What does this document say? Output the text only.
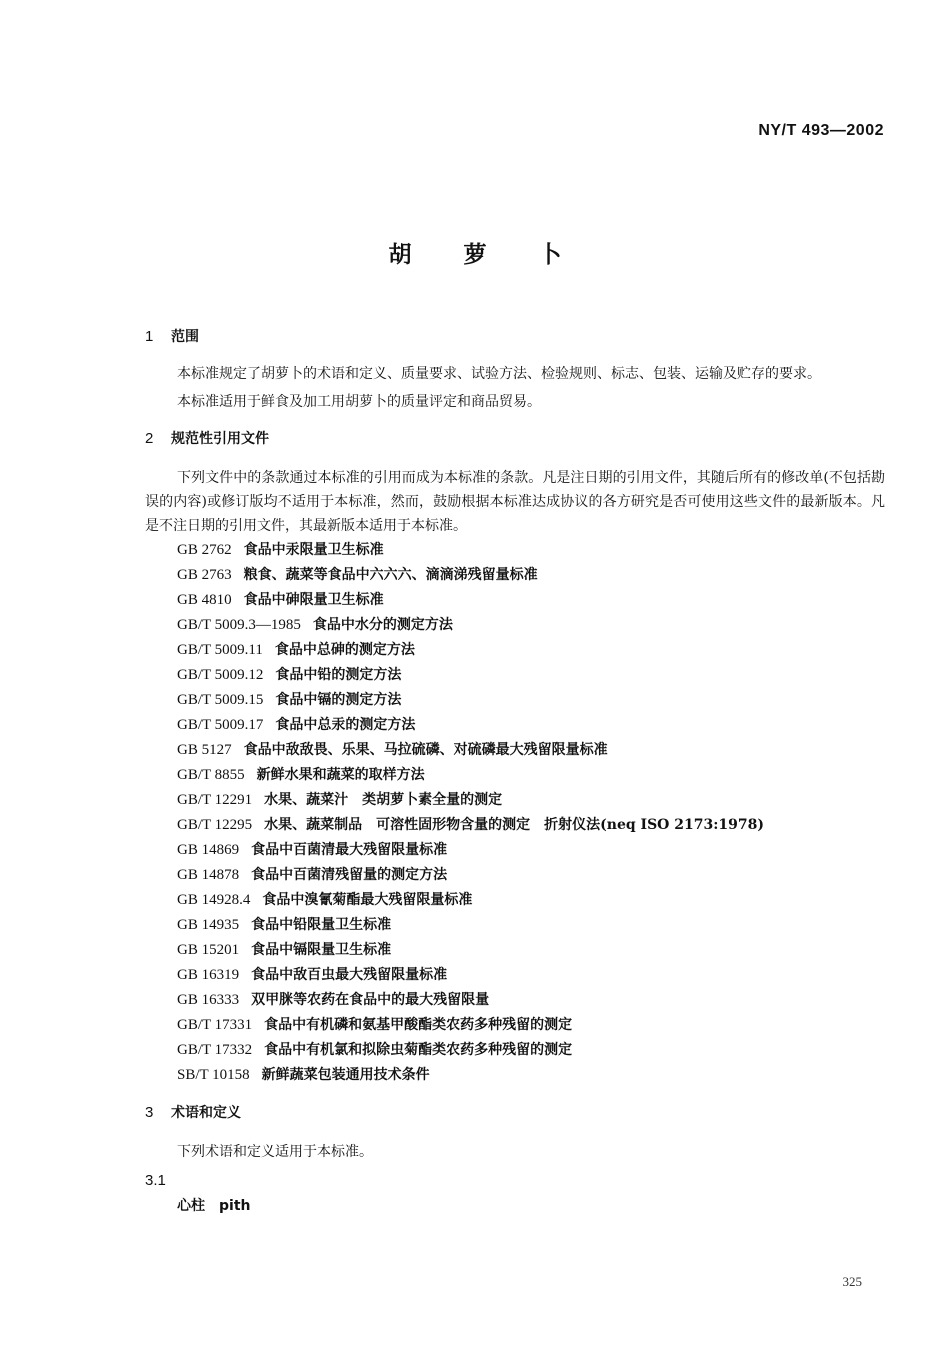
NY/T 493—2002
胡 萝 卜
1 范围
本标准规定了胡萝卜的术语和定义、质量要求、试验方法、检验规则、标志、包装、运输及贮存的要求。
本标准适用于鲜食及加工用胡萝卜的质量评定和商品贸易。
2 规范性引用文件
下列文件中的条款通过本标准的引用而成为本标准的条款。凡是注日期的引用文件，其随后所有的修改单(不包括勘误的内容)或修订版均不适用于本标准，然而，鼓励根据本标准达成协议的各方研究是否可使用这些文件的最新版本。凡是不注日期的引用文件，其最新版本适用于本标准。
GB 2762 食品中汞限量卫生标准
GB 2763 粮食、蔬菜等食品中六六六、滴滴涕残留量标准
GB 4810 食品中砷限量卫生标准
GB/T 5009.3—1985 食品中水分的测定方法
GB/T 5009.11 食品中总砷的测定方法
GB/T 5009.12 食品中铅的测定方法
GB/T 5009.15 食品中镉的测定方法
GB/T 5009.17 食品中总汞的测定方法
GB 5127 食品中敌敌畏、乐果、马拉硫磷、对硫磷最大残留限量标准
GB/T 8855 新鲜水果和蔬菜的取样方法
GB/T 12291 水果、蔬菜汁　类胡萝卜素全量的测定
GB/T 12295 水果、蔬菜制品　可溶性固形物含量的测定　折射仪法(neq ISO 2173:1978)
GB 14869 食品中百菌清最大残留限量标准
GB 14878 食品中百菌清残留量的测定方法
GB 14928.4 食品中溴氰菊酯最大残留限量标准
GB 14935 食品中铅限量卫生标准
GB 15201 食品中镉限量卫生标准
GB 16319 食品中敌百虫最大残留限量标准
GB 16333 双甲脒等农药在食品中的最大残留限量
GB/T 17331 食品中有机磷和氨基甲酸酯类农药多种残留的测定
GB/T 17332 食品中有机氯和拟除虫菊酯类农药多种残留的测定
SB/T 10158 新鲜蔬菜包装通用技术条件
3 术语和定义
下列术语和定义适用于本标准。
3.1
心柱 pith
325
